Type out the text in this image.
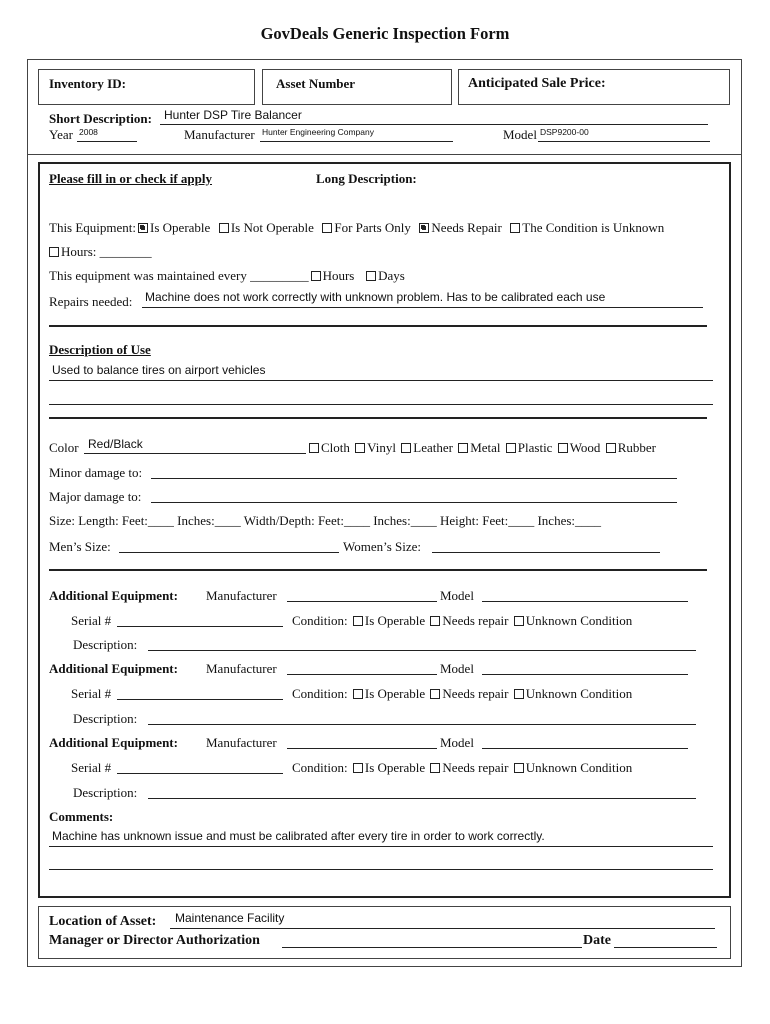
GovDeals Generic Inspection Form
Inventory ID:	Asset Number	Anticipated Sale Price:
Short Description: Hunter DSP Tire Balancer
Year 2008	Manufacturer Hunter Engineering Company	Model DSP9200-00
Please fill in or check if apply	Long Description:
This Equipment: Is Operable Is Not Operable For Parts Only Needs Repair The Condition is Unknown
Hours: ________
This equipment was maintained every _________ Hours Days
Repairs needed: Machine does not work correctly with unknown problem. Has to be calibrated each use
Description of Use
Used to balance tires on airport vehicles
Color Red/Black	Cloth Vinyl Leather Metal Plastic Wood Rubber
Minor damage to:
Major damage to:
Size: Length: Feet:____ Inches:____ Width/Depth: Feet:____ Inches:____ Height: Feet:____ Inches:____
Men’s Size:	Women’s Size:
Additional Equipment: Manufacturer	Model
Serial #	Condition: Is Operable Needs repair Unknown Condition
Description:
Additional Equipment: Manufacturer	Model
Serial #	Condition: Is Operable Needs repair Unknown Condition
Description:
Additional Equipment: Manufacturer	Model
Serial #	Condition: Is Operable Needs repair Unknown Condition
Description:
Comments:
Machine has unknown issue and must be calibrated after every tire in order to work correctly.
Location of Asset: Maintenance Facility
Manager or Director Authorization	Date
